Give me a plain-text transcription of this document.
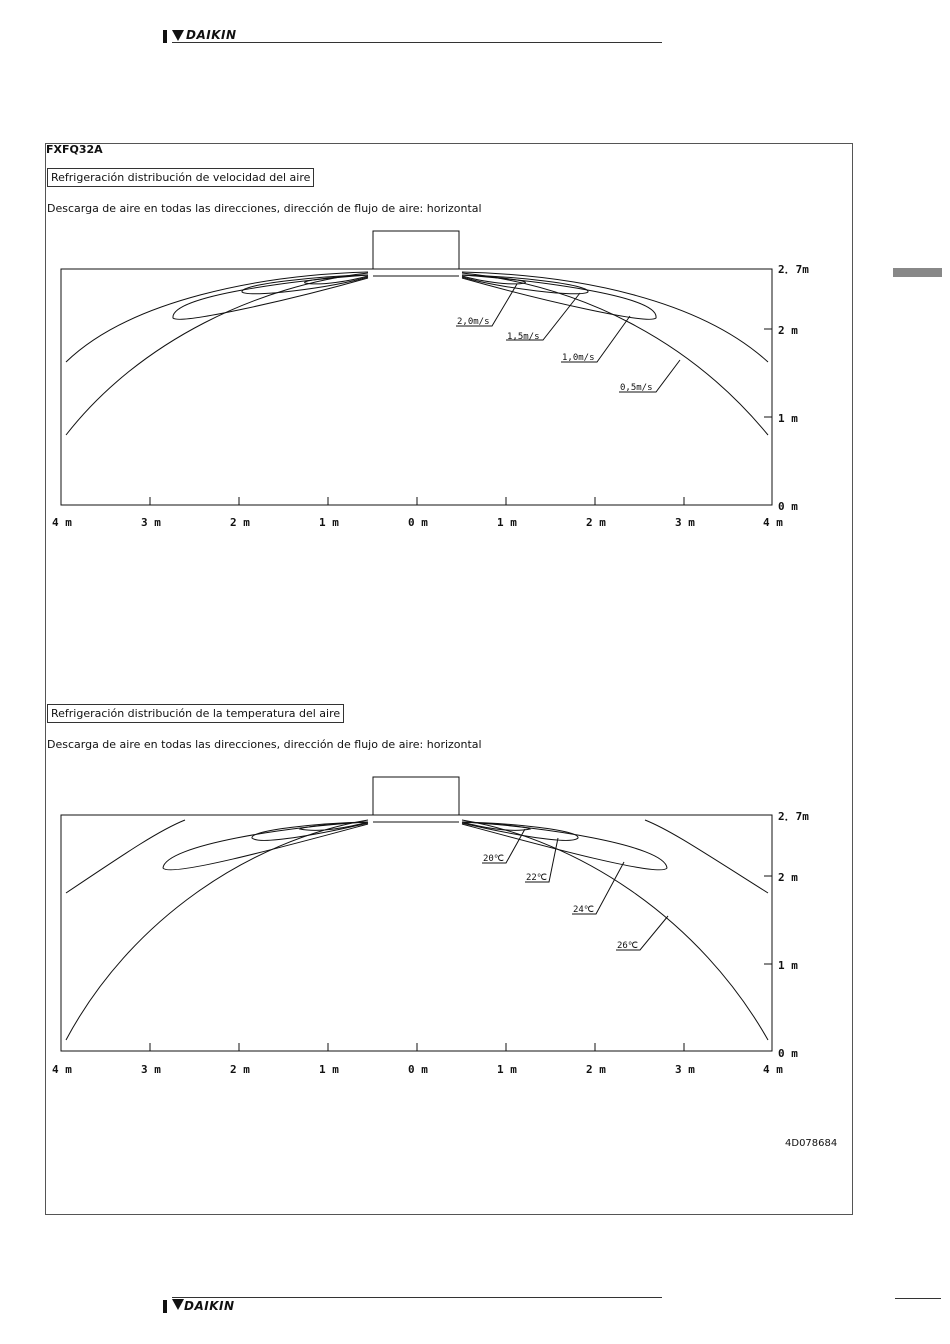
DAIKIN
FXFQ32A
Refrigeración distribución de velocidad del aire
Descarga de aire en todas las direcciones, dirección de flujo de aire: horizontal
Refrigeración distribución de la temperatura del aire
Descarga de aire en todas las direcciones, dirección de flujo de aire: horizontal
4D078684
2,0m/s
1,5m/s
1,0m/s
0,5m/s
2．7m
2 m
1 m
0 m
4 m	3 m	2 m	1 m	0 m	1 m	2 m	3 m	4 m
20℃
22℃
24℃
26℃
2．7m
2 m
1 m
0 m
4 m	3 m	2 m	1 m	0 m	1 m	2 m	3 m	4 m
DAIKIN
